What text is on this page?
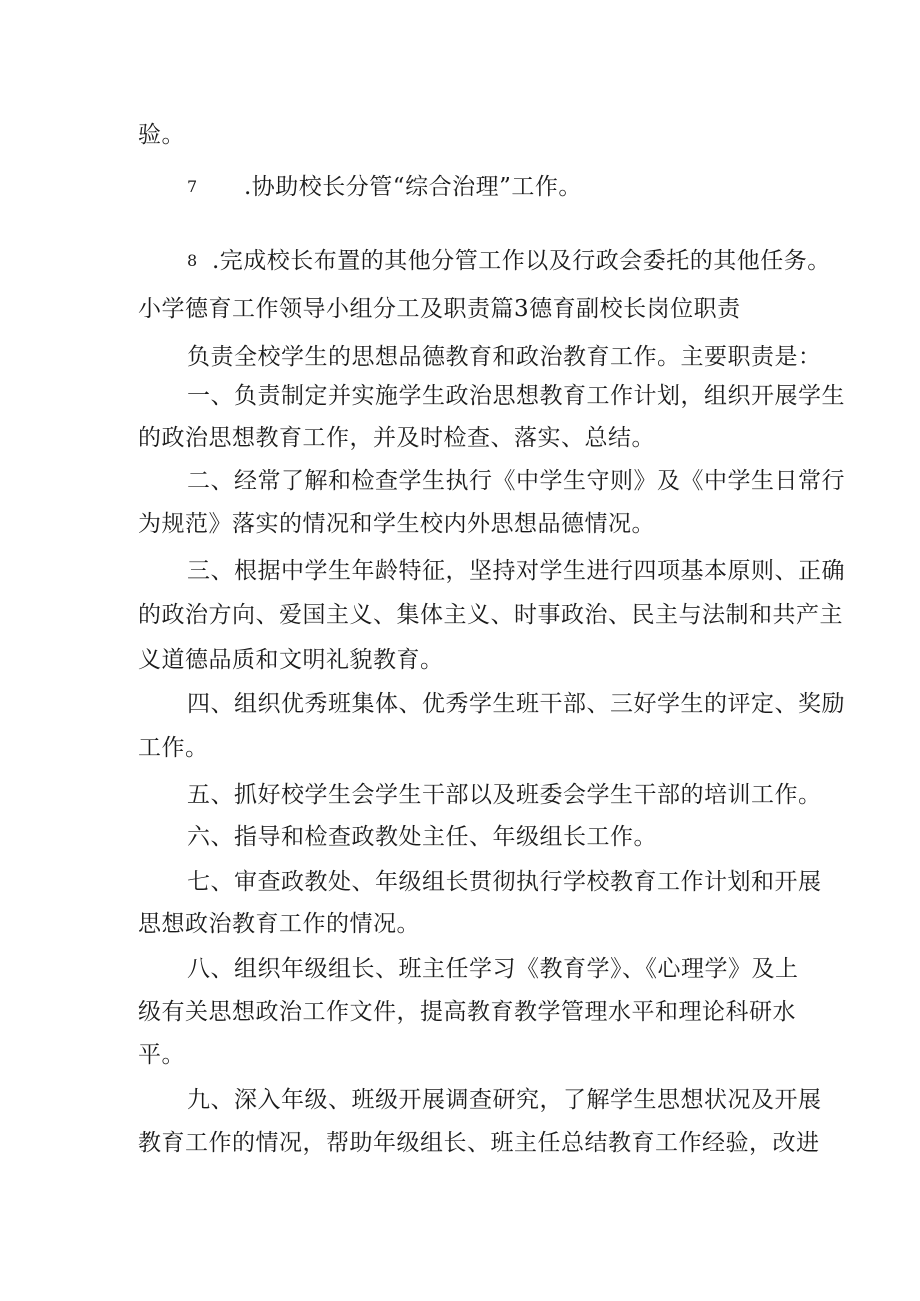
验。
7 .协助校长分管“综合治理”工作。
8 .完成校长布置的其他分管工作以及行政会委托的其他任务。
小学德育工作领导小组分工及职责篇3德育副校长岗位职责
负责全校学生的思想品德教育和政治教育工作。主要职责是：
一、负责制定并实施学生政治思想教育工作计划，组织开展学生
的政治思想教育工作，并及时检查、落实、总结。
二、经常了解和检查学生执行《中学生守则》及《中学生日常行
为规范》落实的情况和学生校内外思想品德情况。
三、根据中学生年龄特征，坚持对学生进行四项基本原则、正确
的政治方向、爱国主义、集体主义、时事政治、民主与法制和共产主
义道德品质和文明礼貌教育。
四、组织优秀班集体、优秀学生班干部、三好学生的评定、奖励
工作。
五、抓好校学生会学生干部以及班委会学生干部的培训工作。
六、指导和检查政教处主任、年级组长工作。
七、审查政教处、年级组长贯彻执行学校教育工作计划和开展
思想政治教育工作的情况。
八、组织年级组长、班主任学习《教育学》、《心理学》及上
级有关思想政治工作文件，提高教育教学管理水平和理论科研水
平。
九、深入年级、班级开展调查研究，了解学生思想状况及开展
教育工作的情况，帮助年级组长、班主任总结教育工作经验，改进
